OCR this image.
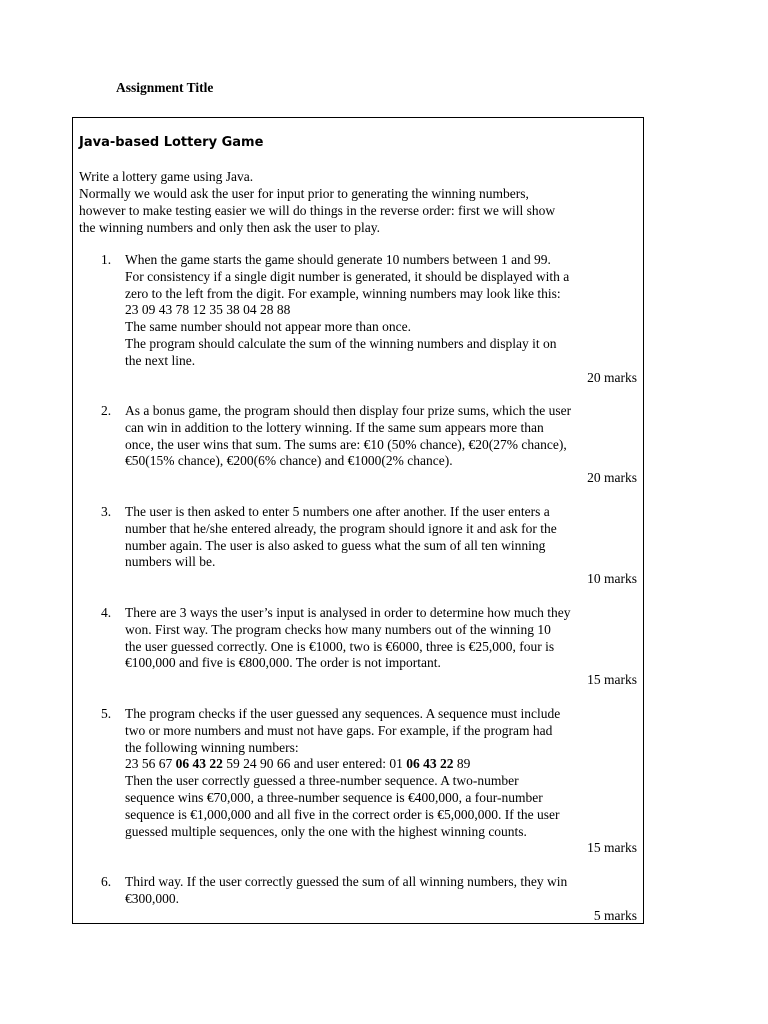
Assignment Title
Java-based Lottery Game
Write a lottery game using Java.
Normally we would ask the user for input prior to generating the winning numbers,
however to make testing easier we will do things in the reverse order: first we will show
the winning numbers and only then ask the user to play.
1. When the game starts the game should generate 10 numbers between 1 and 99.
For consistency if a single digit number is generated, it should be displayed with a
zero to the left from the digit. For example, winning numbers may look like this:
23 09 43 78 12 35 38 04 28 88
The same number should not appear more than once.
The program should calculate the sum of the winning numbers and display it on
the next line.
20 marks
2. As a bonus game, the program should then display four prize sums, which the user
can win in addition to the lottery winning. If the same sum appears more than
once, the user wins that sum. The sums are: €10 (50% chance), €20(27% chance),
€50(15% chance), €200(6% chance) and €1000(2% chance).
20 marks
3. The user is then asked to enter 5 numbers one after another. If the user enters a
number that he/she entered already, the program should ignore it and ask for the
number again. The user is also asked to guess what the sum of all ten winning
numbers will be.
10 marks
4. There are 3 ways the user’s input is analysed in order to determine how much they
won. First way. The program checks how many numbers out of the winning 10
the user guessed correctly. One is €1000, two is €6000, three is €25,000, four is
€100,000 and five is €800,000. The order is not important.
15 marks
5. The program checks if the user guessed any sequences. A sequence must include
two or more numbers and must not have gaps. For example, if the program had
the following winning numbers:
23 56 67 06 43 22 59 24 90 66 and user entered: 01 06 43 22 89
Then the user correctly guessed a three-number sequence. A two-number
sequence wins €70,000, a three-number sequence is €400,000, a four-number
sequence is €1,000,000 and all five in the correct order is €5,000,000. If the user
guessed multiple sequences, only the one with the highest winning counts.
15 marks
6. Third way. If the user correctly guessed the sum of all winning numbers, they win
€300,000.
5 marks
